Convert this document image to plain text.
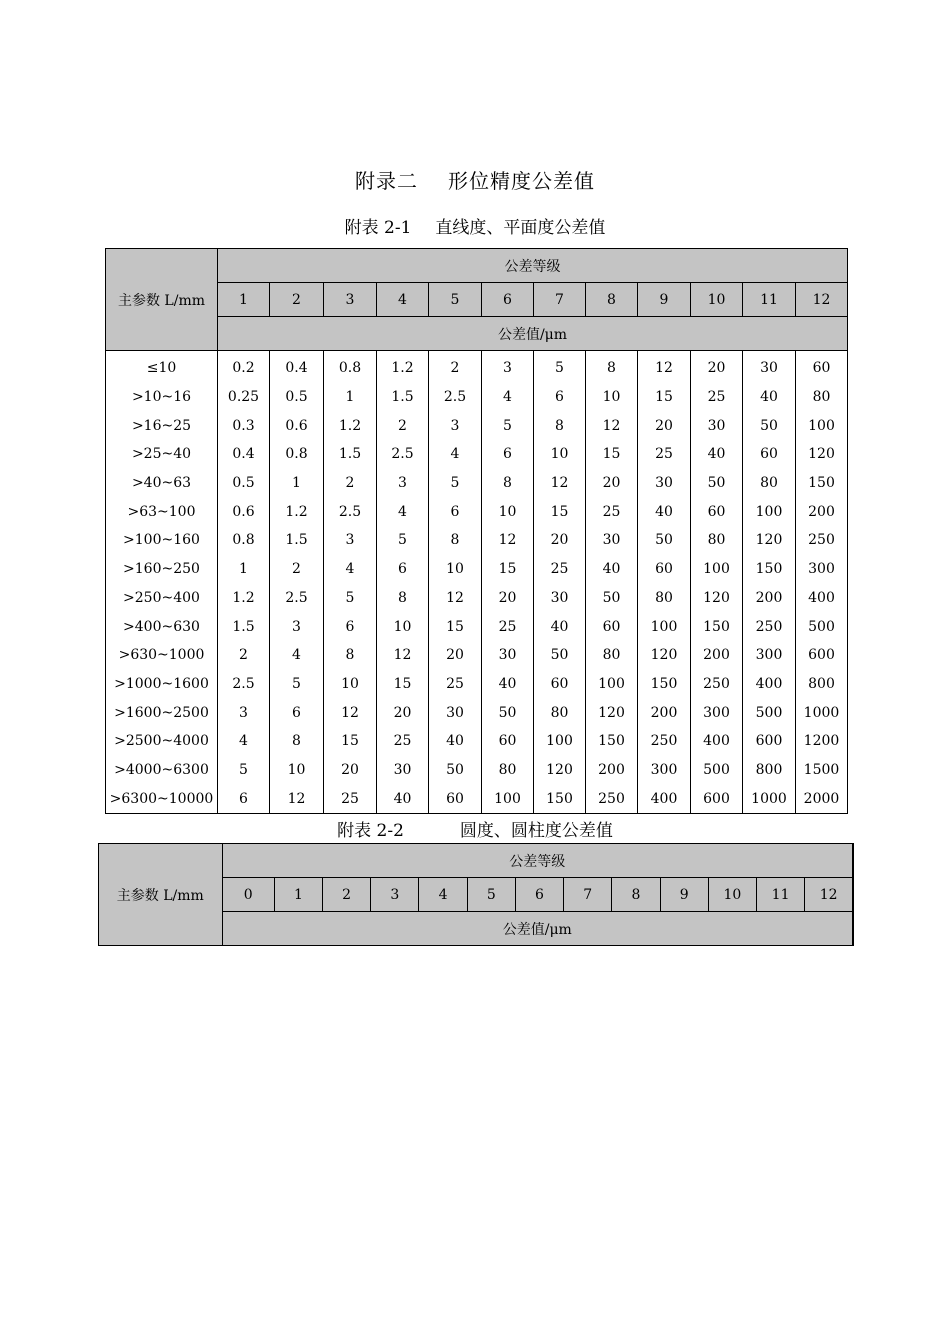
附录二 形位精度公差值
附表 2-1 直线度、平面度公差值
主参数 L/mm	公差等级											
	1	2	3	4	5	6	7	8	9	10	11	12
	公差值/μm											
≤10	0.2	0.4	0.8	1.2	2	3	5	8	12	20	30	60
>10~16	0.25	0.5	1	1.5	2.5	4	6	10	15	25	40	80
>16~25	0.3	0.6	1.2	2	3	5	8	12	20	30	50	100
>25~40	0.4	0.8	1.5	2.5	4	6	10	15	25	40	60	120
>40~63	0.5	1	2	3	5	8	12	20	30	50	80	150
>63~100	0.6	1.2	2.5	4	6	10	15	25	40	60	100	200
>100~160	0.8	1.5	3	5	8	12	20	30	50	80	120	250
>160~250	1	2	4	6	10	15	25	40	60	100	150	300
>250~400	1.2	2.5	5	8	12	20	30	50	80	120	200	400
>400~630	1.5	3	6	10	15	25	40	60	100	150	250	500
>630~1000	2	4	8	12	20	30	50	80	120	200	300	600
>1000~1600	2.5	5	10	15	25	40	60	100	150	250	400	800
>1600~2500	3	6	12	20	30	50	80	120	200	300	500	1000
>2500~4000	4	8	15	25	40	60	100	150	250	400	600	1200
>4000~6300	5	10	20	30	50	80	120	200	300	500	800	1500
>6300~10000	6	12	25	40	60	100	150	250	400	600	1000	2000
附表 2-2	圆度、圆柱度公差值
主参数 L/mm	公差等级												
	0	1	2	3	4	5	6	7	8	9	10	11	12
	公差值/μm												
